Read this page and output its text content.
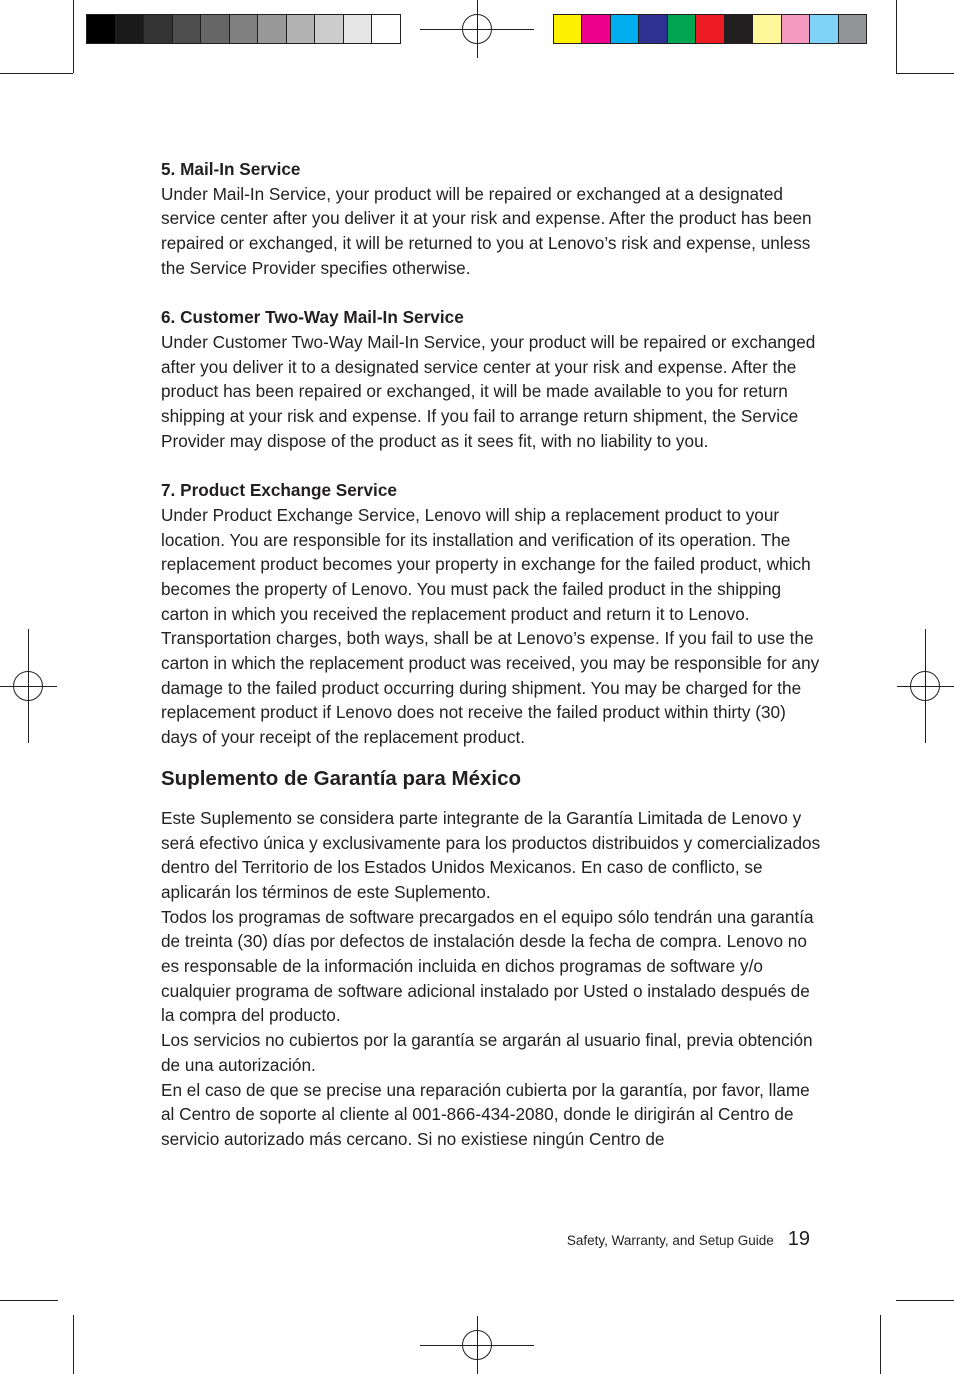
5. Mail-In Service
Under Mail-In Service, your product will be repaired or exchanged at a designated service center after you deliver it at your risk and expense. After the product has been repaired or exchanged, it will be returned to you at Lenovo’s risk and expense, unless the Service Provider specifies otherwise.
6. Customer Two-Way Mail-In Service
Under Customer Two-Way Mail-In Service, your product will be repaired or exchanged after you deliver it to a designated service center at your risk and expense. After the product has been repaired or exchanged, it will be made available to you for return shipping at your risk and expense. If you fail to arrange return shipment, the Service Provider may dispose of the product as it sees fit, with no liability to you.
7. Product Exchange Service
Under Product Exchange Service, Lenovo will ship a replacement product to your location. You are responsible for its installation and verification of its operation. The replacement product becomes your property in exchange for the failed product, which becomes the property of Lenovo. You must pack the failed product in the shipping carton in which you received the replacement product and return it to Lenovo. Transportation charges, both ways, shall be at Lenovo’s expense. If you fail to use the carton in which the replacement product was received, you may be responsible for any damage to the failed product occurring during shipment. You may be charged for the replacement product if Lenovo does not receive the failed product within thirty (30) days of your receipt of the replacement product.
Suplemento de Garantía para México
Este Suplemento se considera parte integrante de la Garantía Limitada de Lenovo y será efectivo única y exclusivamente para los productos distribuidos y comercializados dentro del Territorio de los Estados Unidos Mexicanos. En caso de conflicto, se aplicarán los términos de este Suplemento.
Todos los programas de software precargados en el equipo sólo tendrán una garantía de treinta (30) días por defectos de instalación desde la fecha de compra. Lenovo no es responsable de la información incluida en dichos programas de software y/o cualquier programa de software adicional instalado por Usted o instalado después de la compra del producto.
Los servicios no cubiertos por la garantía se argarán al usuario final, previa obtención de una autorización.
En el caso de que se precise una reparación cubierta por la garantía, por favor, llame al Centro de soporte al cliente al 001-866-434-2080, donde le dirigirán al Centro de servicio autorizado más cercano. Si no existiese ningún Centro de
Safety, Warranty, and Setup Guide 19
